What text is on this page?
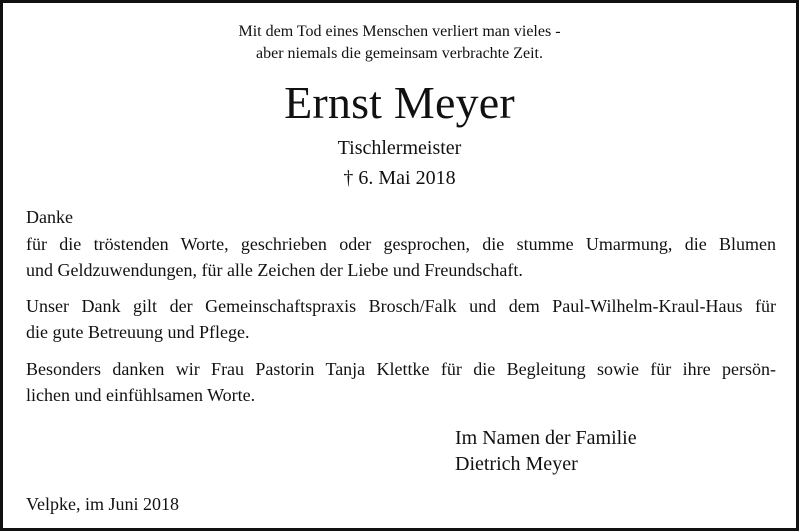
Mit dem Tod eines Menschen verliert man vieles -
aber niemals die gemeinsam verbrachte Zeit.
Ernst Meyer
Tischlermeister
† 6. Mai 2018
Danke
für die tröstenden Worte, geschrieben oder gesprochen, die stumme Umarmung, die Blumen
und Geldzuwendungen, für alle Zeichen der Liebe und Freundschaft.
Unser Dank gilt der Gemeinschaftspraxis Brosch/Falk und dem Paul-Wilhelm-Kraul-Haus für
die gute Betreuung und Pflege.
Besonders danken wir Frau Pastorin Tanja Klettke für die Begleitung sowie für ihre persön-
lichen und einfühlsamen Worte.
Im Namen der Familie
Dietrich Meyer
Velpke, im Juni 2018
